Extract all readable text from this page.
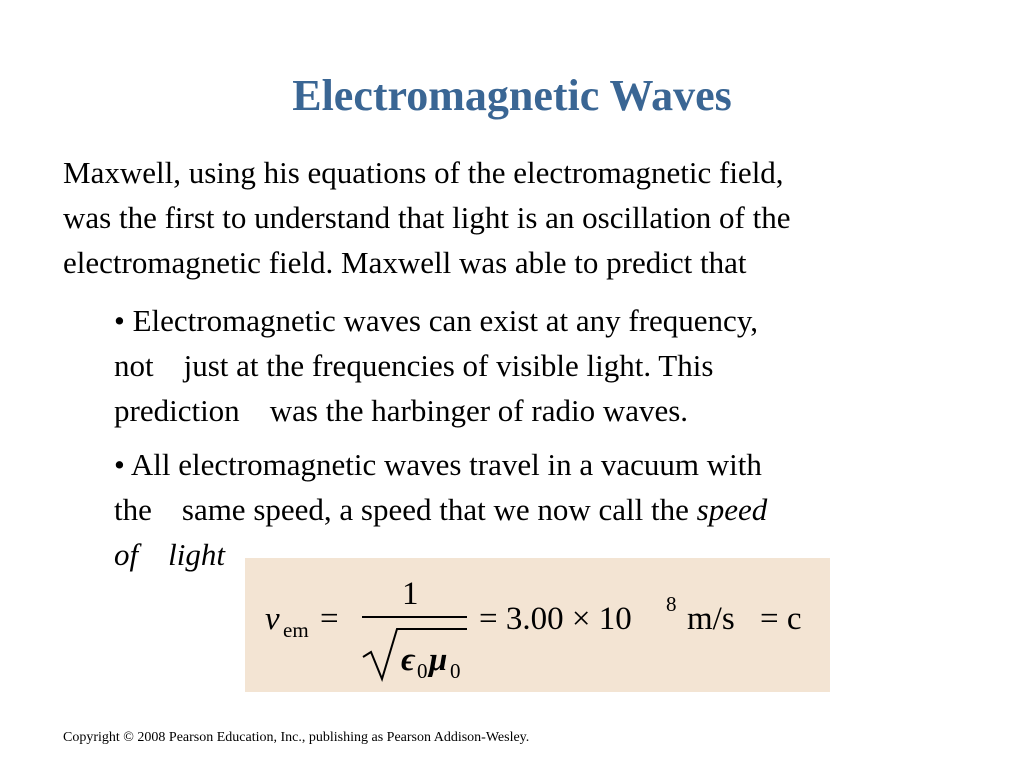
Electromagnetic Waves
Maxwell, using his equations of the electromagnetic field,
was the first to understand that light is an oscillation of the
electromagnetic field. Maxwell was able to predict that
• Electromagnetic waves can exist at any frequency,
not just at the frequencies of visible light. This
prediction was the harbinger of radio waves.
• All electromagnetic waves travel in a vacuum with
the same speed, a speed that we now call the speed
of light
v em =
1
ϵ 0 μ 0
= 3.00 × 10 8 m/s = c

Copyright © 2008 Pearson Education, Inc., publishing as Pearson Addison-Wesley.
